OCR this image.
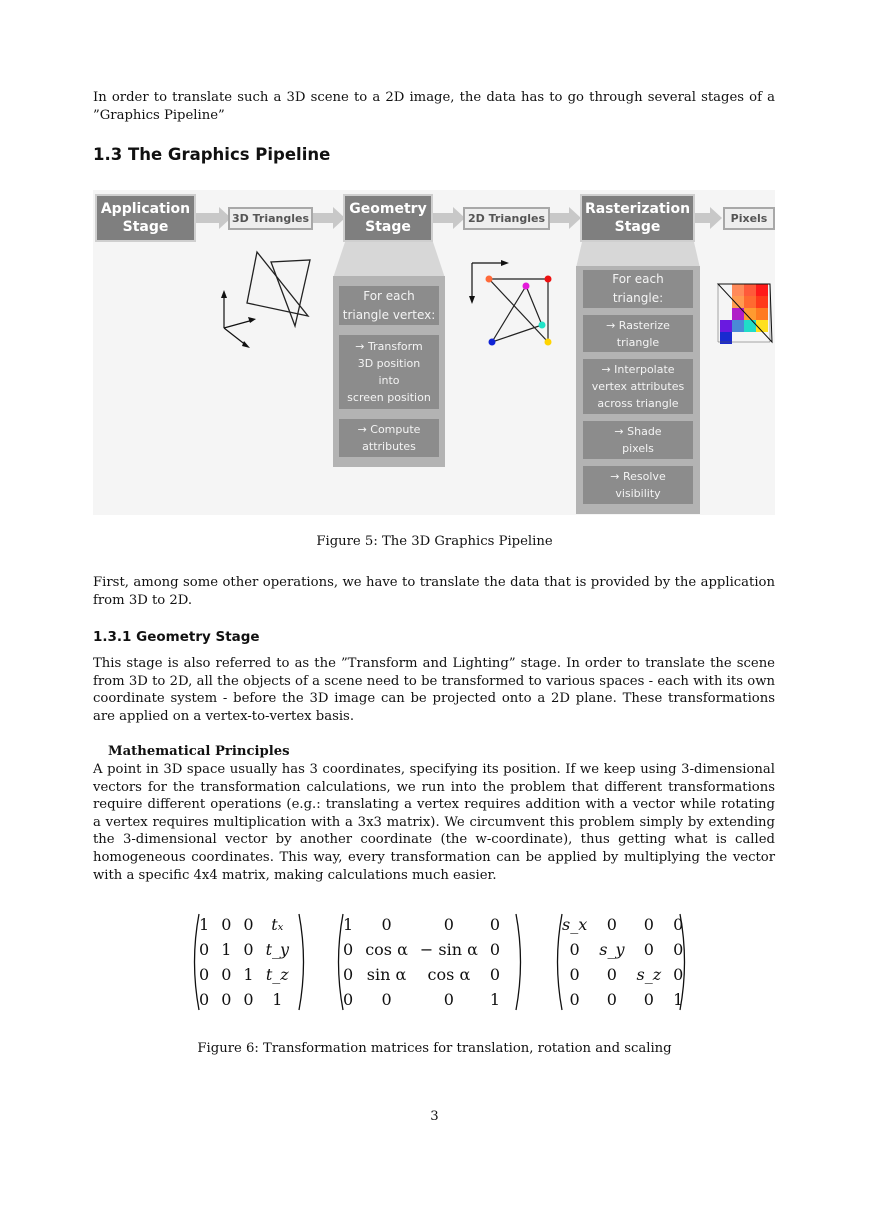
In order to translate such a 3D scene to a 2D image, the data has to go through several stages of a ”Graphics Pipeline”

1.3 The Graphics Pipeline
Application
Stage
Geometry
Stage
Rasterization
Stage
3D Triangles	2D Triangles	Pixels
For each
triangle vertex:
→ Transform
3D position
into
screen position
→ Compute
attributes
For each
triangle:
→ Rasterize
triangle
→ Interpolate
vertex attributes
across triangle
→ Shade
pixels
→ Resolve
visibility

Figure 5: The 3D Graphics Pipeline

First, among some other operations, we have to translate the data that is provided by the application from 3D to 2D.

1.3.1 Geometry Stage

This stage is also referred to as the ”Transform and Lighting” stage. In order to translate the scene from 3D to 2D, all the objects of a scene need to be transformed to various spaces - each with its own coordinate system - before the 3D image can be projected onto a 2D plane. These transformations are applied on a vertex-to-vertex basis.

Mathematical Principles

A point in 3D space usually has 3 coordinates, specifying its position. If we keep using 3-dimensional vectors for the transformation calculations, we run into the problem that different transformations require different operations (e.g.: translating a vertex requires addition with a vector while rotating a vertex requires multiplication with a 3x3 matrix). We circumvent this problem simply by extending the 3-dimensional vector by another coordinate (the w-coordinate), thus getting what is called homogeneous coordinates. This way, every transformation can be applied by multiplying the vector with a specific 4x4 matrix, making calculations much easier.

1	0	0	tₓ
0	1	0	t_y
0	0	1	t_z
0	0	0	1
1	0	0	0
0	cos α	− sin α	0
0	sin α	cos α	0
0	0	0	1
s_x	0	0	0
0	s_y	0	0
0	0	s_z	0
0	0	0	1

Figure 6: Transformation matrices for translation, rotation and scaling

3
